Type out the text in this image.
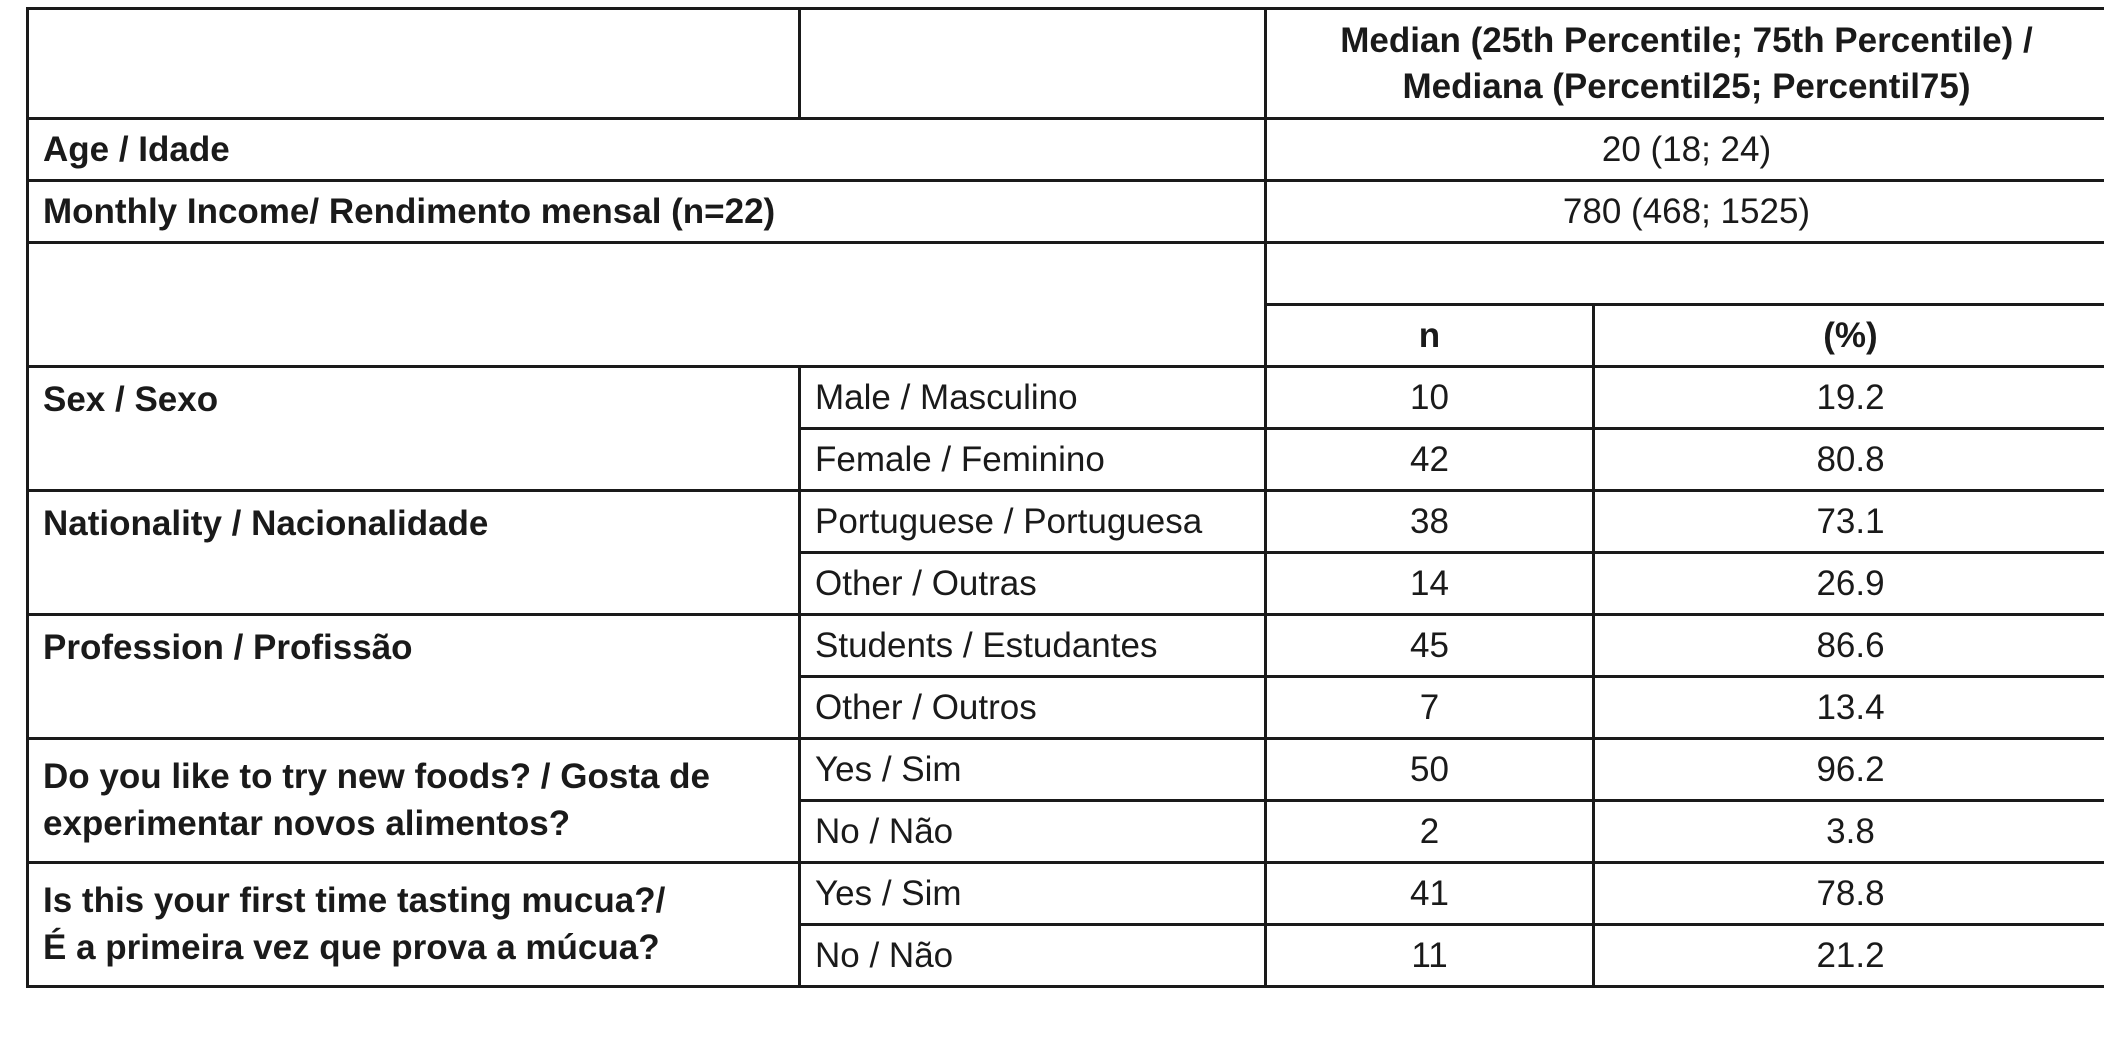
		Median (25th Percentile; 75th Percentile) /
Mediana (Percentil25; Percentil75)	

Age / Idade		20 (18; 24)	
Monthly Income/ Rendimento mensal (n=22)		780 (468; 1525)	

		n	(%)
Sex / Sexo	Male / Masculino	10	19.2
	Female / Feminino	42	80.8
Nationality / Nacionalidade	Portuguese / Portuguesa	38	73.1
	Other / Outras	14	26.9
Profession / Profissão	Students / Estudantes	45	86.6
	Other / Outros	7	13.4
Do you like to try new foods? / Gosta de experimentar novos alimentos?	Yes / Sim	50	96.2
	No / Não	2	3.8

Is this your first time tasting mucua?/
É a primeira vez que prova a múcua?	Yes / Sim	41	78.8
	No / Não	11	21.2
